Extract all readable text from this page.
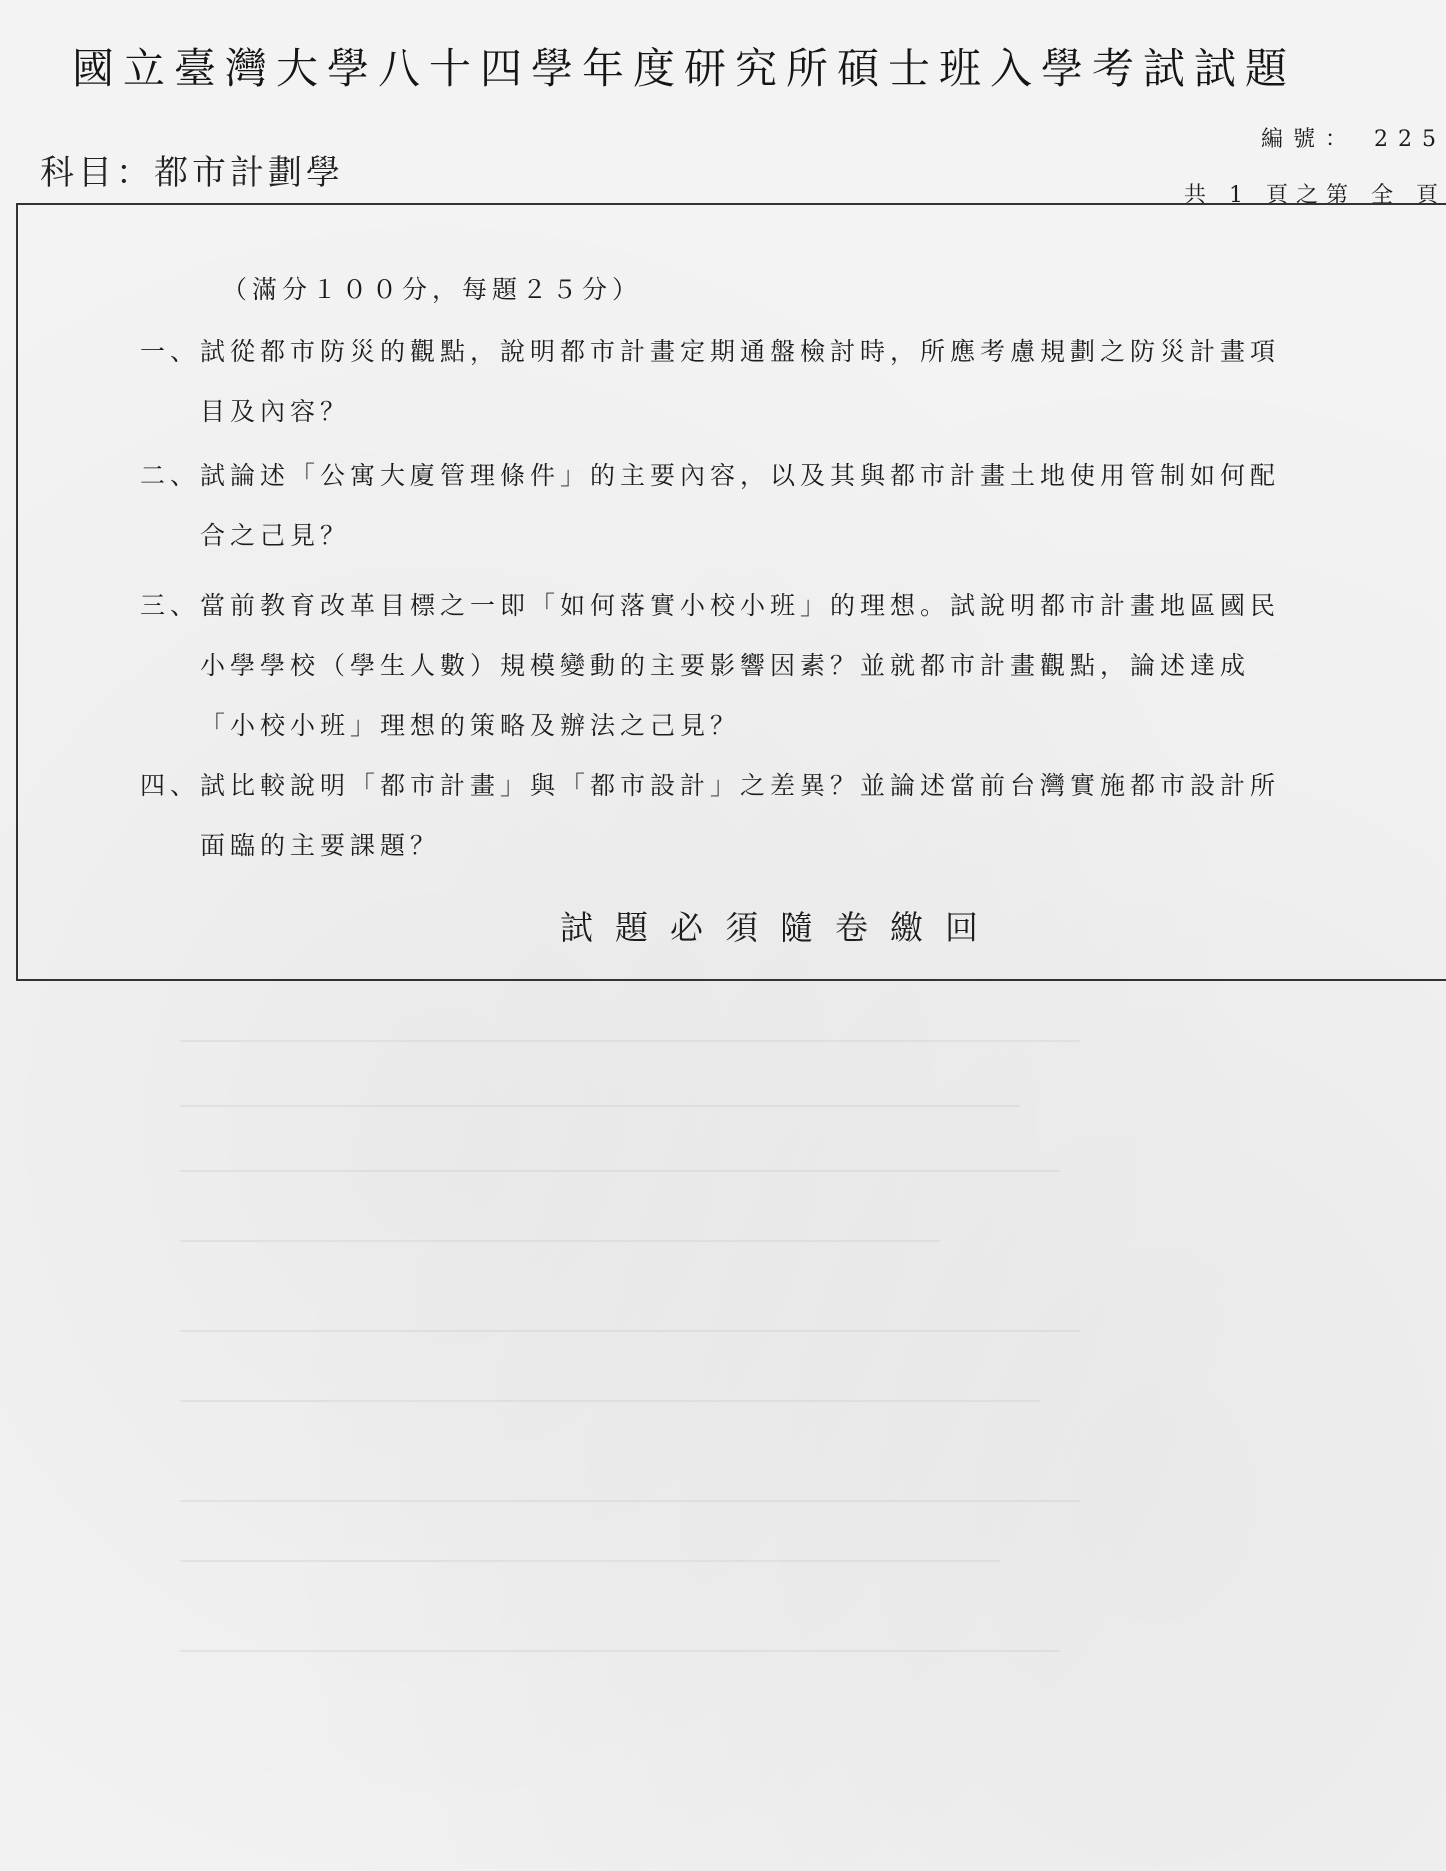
國立臺灣大學八十四學年度研究所碩士班入學考試試題
編號： 225
科目：都市計劃學
共 1 頁之第 全 頁
（滿分１００分，每題２５分）
一、 試從都市防災的觀點，說明都市計畫定期通盤檢討時，所應考慮規劃之防災計畫項
目及內容？
二、 試論述「公寓大廈管理條件」的主要內容，以及其與都市計畫土地使用管制如何配
合之己見？
三、 當前教育改革目標之一即「如何落實小校小班」的理想。試說明都市計畫地區國民
小學學校（學生人數）規模變動的主要影響因素？並就都市計畫觀點，論述達成
「小校小班」理想的策略及辦法之己見？
四、 試比較說明「都市計畫」與「都市設計」之差異？並論述當前台灣實施都市設計所
面臨的主要課題？
試題必須隨卷繳回
